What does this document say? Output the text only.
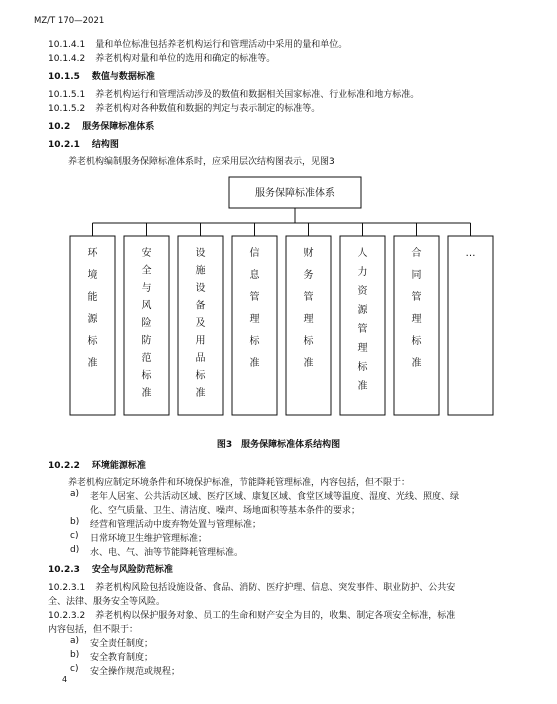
MZ/T 170—2021
10.1.4.1 量和单位标准包括养老机构运行和管理活动中采用的量和单位。
10.1.4.2 养老机构对量和单位的选用和确定的标准等。
10.1.5 数值与数据标准
10.1.5.1 养老机构运行和管理活动涉及的数值和数据相关国家标准、行业标准和地方标准。
10.1.5.2 养老机构对各种数值和数据的判定与表示制定的标准等。
10.2 服务保障标准体系
10.2.1 结构图
养老机构编制服务保障标准体系时，应采用层次结构图表示，见图3
服务保障标准体系
环境能源标准
安全与风险防范标准
设施设备及用品标准
信息管理标准
财务管理标准
人力资源管理标准
合同管理标准
…
图3　服务保障标准体系结构图
10.2.2 环境能源标准
养老机构应制定环境条件和环境保护标准，节能降耗管理标准，内容包括，但不限于：
a) 老年人居室、公共活动区域、医疗区域、康复区域、食堂区域等温度、湿度、光线、照度、绿
化、空气质量、卫生、清洁度、噪声、场地面积等基本条件的要求；
b) 经营和管理活动中废弃物处置与管理标准；
c) 日常环境卫生维护管理标准；
d) 水、电、气、油等节能降耗管理标准。
10.2.3 安全与风险防范标准
10.2.3.1 养老机构风险包括设施设备、食品、消防、医疗护理、信息、突发事件、职业防护、公共安
全、法律、服务安全等风险。
10.2.3.2 养老机构以保护服务对象、员工的生命和财产安全为目的，收集、制定各项安全标准，标准
内容包括，但不限于：
a) 安全责任制度；
b) 安全教育制度；
c) 安全操作规范或规程；
4
